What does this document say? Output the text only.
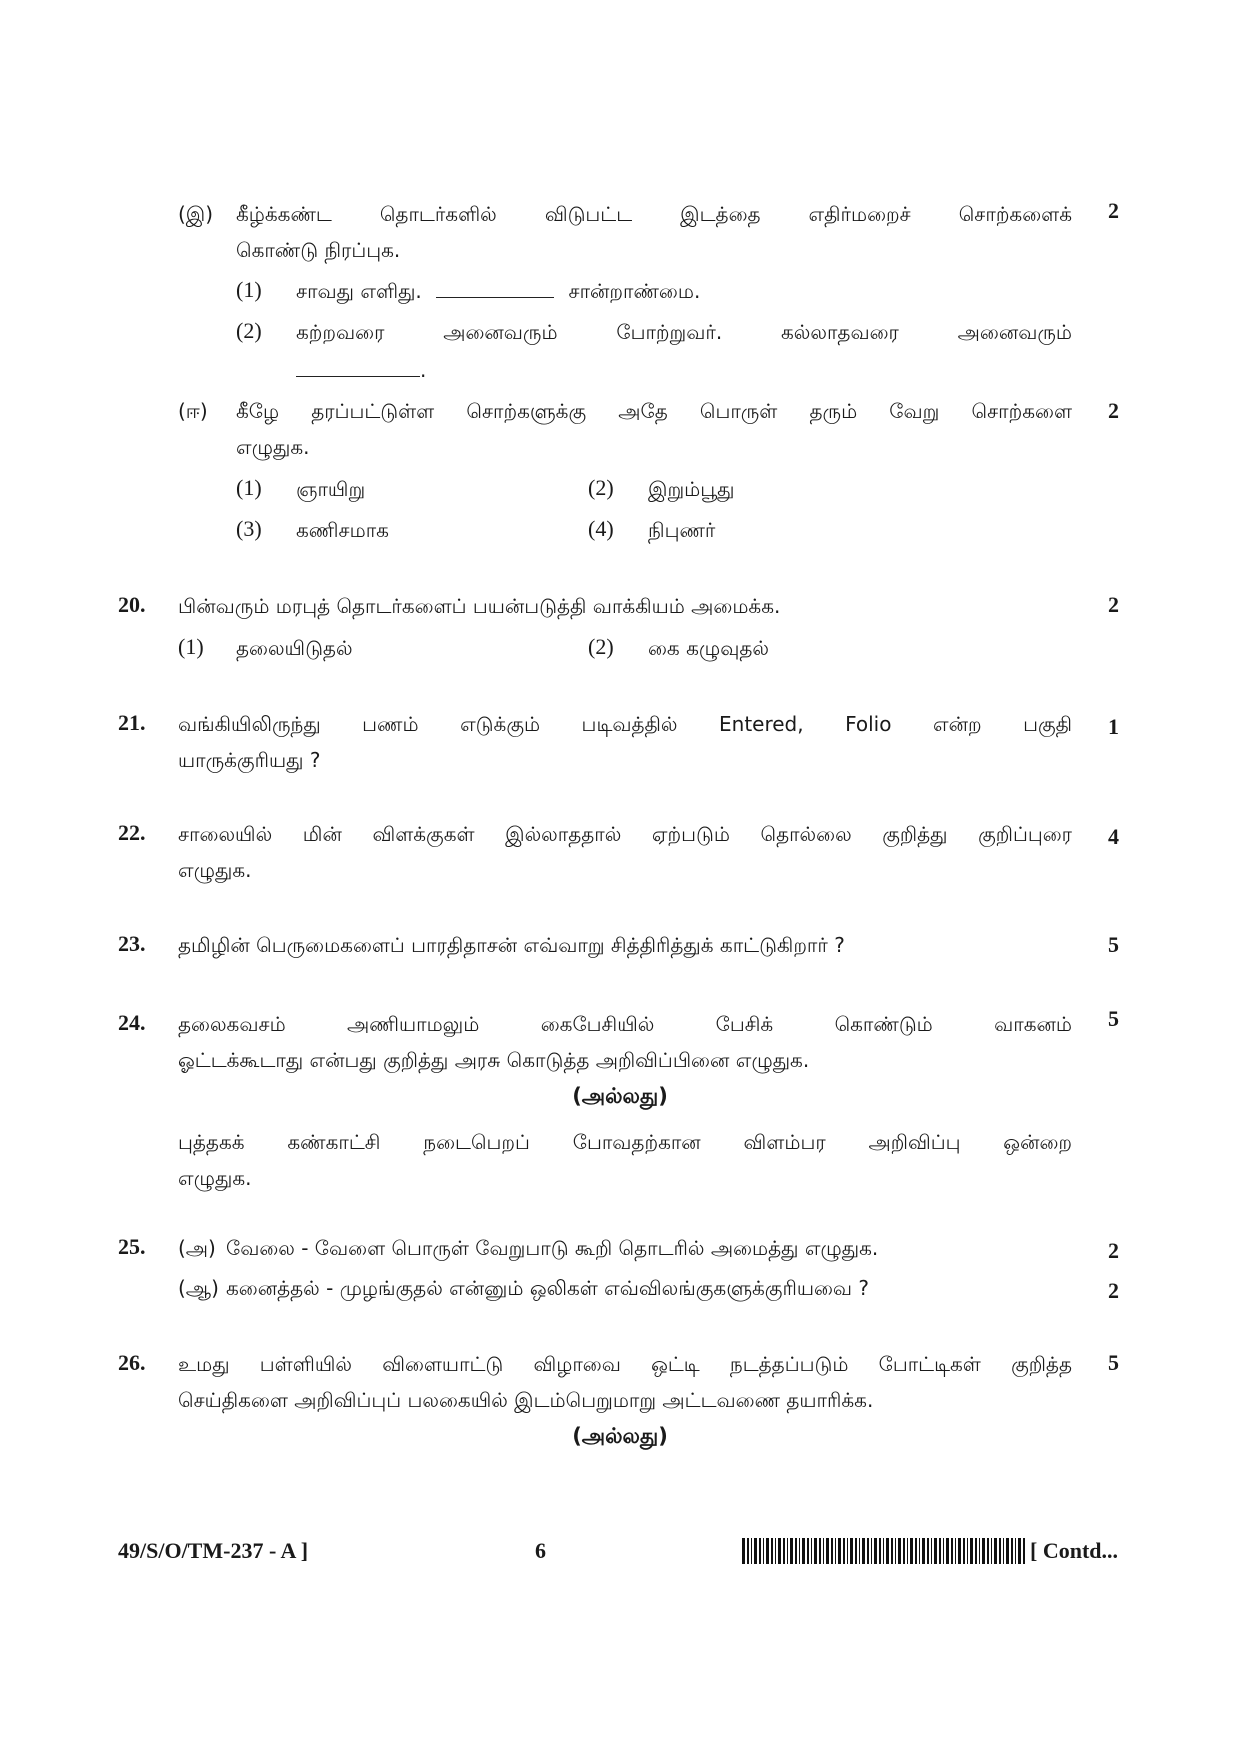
(இ) கீழ்க்கண்ட தொடர்களில் விடுபட்ட இடத்தை எதிர்மறைச் சொற்களைக்
கொண்டு நிரப்புக.
2
(1) சாவது எளிது.	சான்றாண்மை.
(2) கற்றவரை அனைவரும் போற்றுவர். கல்லாதவரை அனைவரும்
.
(ஈ) கீழே தரப்பட்டுள்ள சொற்களுக்கு அதே பொருள் தரும் வேறு சொற்களை
எழுதுக.
2
(1) ஞாயிறு	(2) இறும்பூது
(3) கணிசமாக	(4) நிபுணர்
20. பின்வரும் மரபுத் தொடர்களைப் பயன்படுத்தி வாக்கியம் அமைக்க.	2
(1) தலையிடுதல்	(2) கை கழுவுதல்
21. வங்கியிலிருந்து பணம் எடுக்கும் படிவத்தில் Entered, Folio என்ற பகுதி
யாருக்குரியது ?
1
22. சாலையில் மின் விளக்குகள் இல்லாததால் ஏற்படும் தொல்லை குறித்து குறிப்புரை
எழுதுக.
4
23. தமிழின் பெருமைகளைப் பாரதிதாசன் எவ்வாறு சித்திரித்துக் காட்டுகிறார் ?	5
24. தலைகவசம் அணியாமலும் கைபேசியில் பேசிக் கொண்டும் வாகனம்
ஓட்டக்கூடாது என்பது குறித்து அரசு கொடுத்த அறிவிப்பினை எழுதுக.
5
(அல்லது)
புத்தகக் கண்காட்சி நடைபெறப் போவதற்கான விளம்பர அறிவிப்பு ஒன்றை
எழுதுக.
25. (அ) வேலை - வேளை பொருள் வேறுபாடு கூறி தொடரில் அமைத்து எழுதுக.	2
(ஆ) கனைத்தல் - முழங்குதல் என்னும் ஒலிகள் எவ்விலங்குகளுக்குரியவை ?	2
26. உமது பள்ளியில் விளையாட்டு விழாவை ஒட்டி நடத்தப்படும் போட்டிகள் குறித்த
செய்திகளை அறிவிப்புப் பலகையில் இடம்பெறுமாறு அட்டவணை தயாரிக்க.
5
(அல்லது)
49/S/O/TM-237 - A ]	6	[ Contd...
